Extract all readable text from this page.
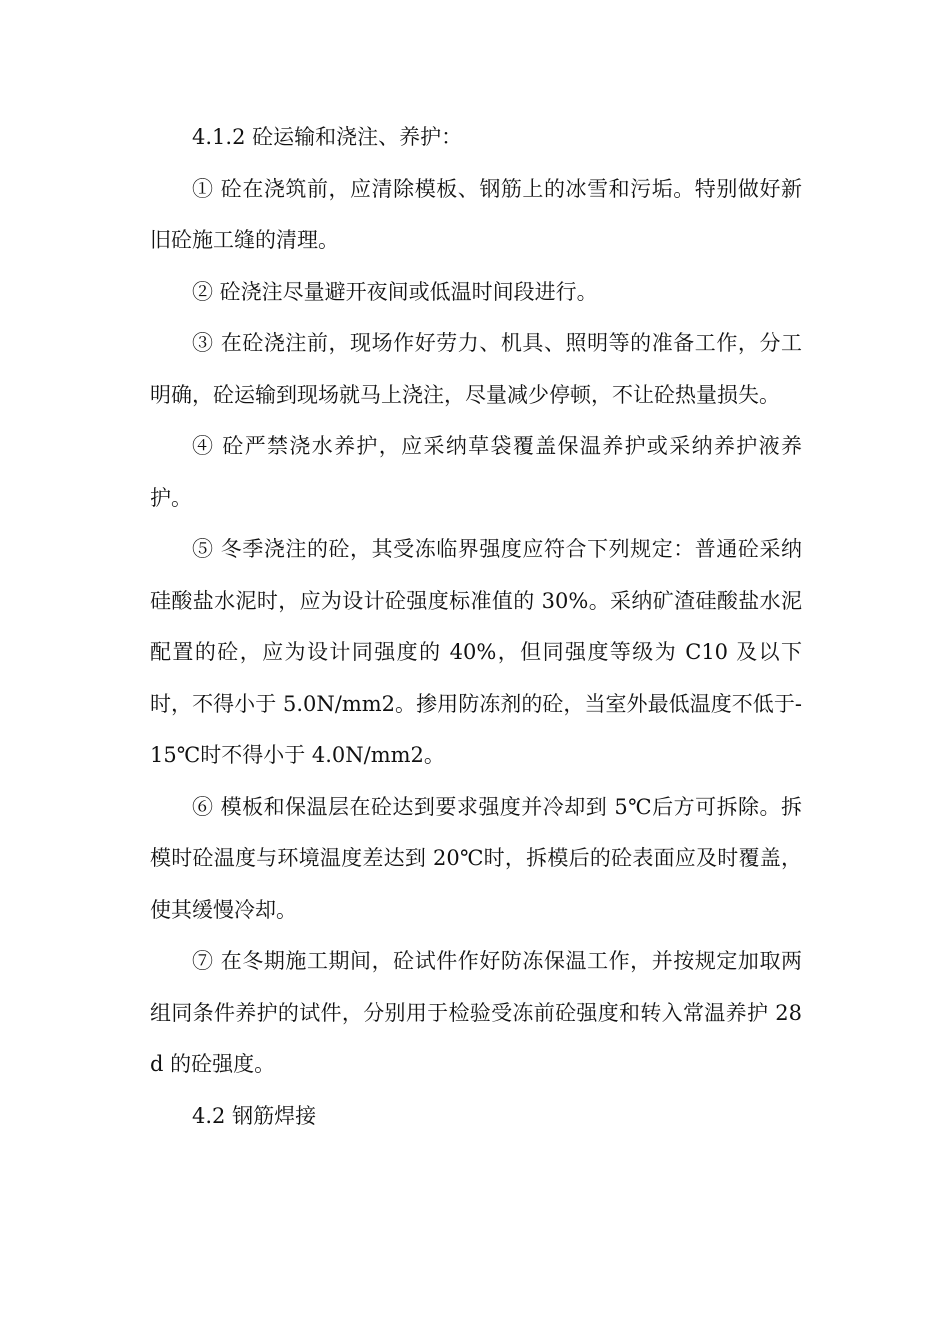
4.1.2 砼运输和浇注、养护：

① 砼在浇筑前，应清除模板、钢筋上的冰雪和污垢。特别做好新旧砼施工缝的清理。

② 砼浇注尽量避开夜间或低温时间段进行。

③ 在砼浇注前，现场作好劳力、机具、照明等的准备工作，分工明确，砼运输到现场就马上浇注，尽量减少停顿，不让砼热量损失。

④ 砼严禁浇水养护，应采纳草袋覆盖保温养护或采纳养护液养护。

⑤ 冬季浇注的砼，其受冻临界强度应符合下列规定：普通砼采纳硅酸盐水泥时，应为设计砼强度标准值的 30%。采纳矿渣硅酸盐水泥配置的砼，应为设计同强度的 40%，但同强度等级为 C10 及以下时，不得小于 5.0N/mm2。掺用防冻剂的砼，当室外最低温度不低于-15℃时不得小于 4.0N/mm2。

⑥ 模板和保温层在砼达到要求强度并冷却到 5℃后方可拆除。拆模时砼温度与环境温度差达到 20℃时，拆模后的砼表面应及时覆盖，使其缓慢冷却。

⑦ 在冬期施工期间，砼试件作好防冻保温工作，并按规定加取两组同条件养护的试件，分别用于检验受冻前砼强度和转入常温养护 28d 的砼强度。

4.2 钢筋焊接
